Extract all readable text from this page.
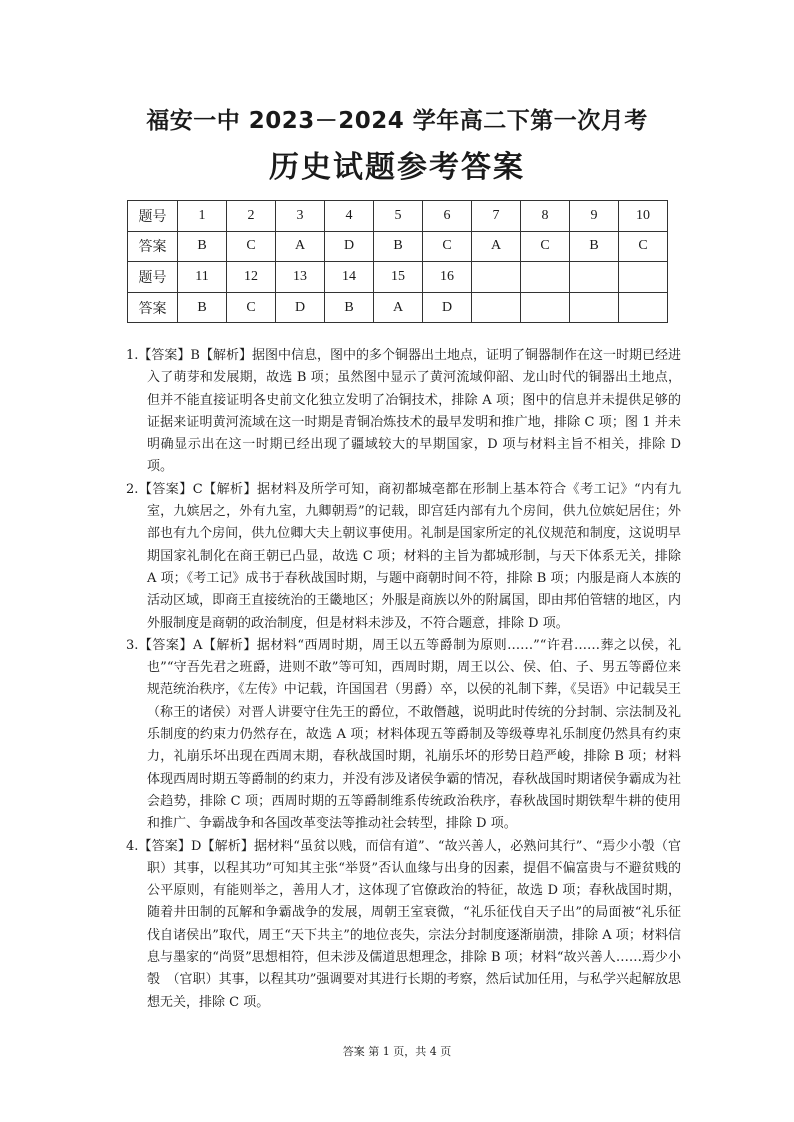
福安一中 2023－2024 学年高二下第一次月考
历史试题参考答案
题号	1	2	3	4	5	6	7	8	9	10
答案	B	C	A	D	B	C	A	C	B	C
题号	11	12	13	14	15	16				
答案	B	C	D	B	A	D				

1.【答案】B【解析】据图中信息，图中的多个铜器出土地点，证明了铜器制作在这一时期已经进入了萌芽和发展期，故选 B 项；虽然图中显示了黄河流域仰韶、龙山时代的铜器出土地点，但并不能直接证明各史前文化独立发明了冶铜技术，排除 A 项；图中的信息并未提供足够的证据来证明黄河流域在这一时期是青铜冶炼技术的最早发明和推广地，排除 C 项；图 1 并未明确显示出在这一时期已经出现了疆域较大的早期国家，D 项与材料主旨不相关，排除 D 项。

2.【答案】C【解析】据材料及所学可知，商初都城亳都在形制上基本符合《考工记》“内有九室，九嫔居之，外有九室，九卿朝焉”的记载，即宫廷内部有九个房间，供九位嫔妃居住；外部也有九个房间，供九位卿大夫上朝议事使用。礼制是国家所定的礼仪规范和制度，这说明早期国家礼制化在商王朝已凸显，故选 C 项；材料的主旨为都城形制，与天下体系无关，排除 A 项；《考工记》成书于春秋战国时期，与题中商朝时间不符，排除 B 项；内服是商人本族的活动区域，即商王直接统治的王畿地区；外服是商族以外的附属国，即由邦伯管辖的地区，内外服制度是商朝的政治制度，但是材料未涉及，不符合题意，排除 D 项。

3.【答案】A【解析】据材料“西周时期，周王以五等爵制为原则……”“许君……葬之以侯，礼也”“守吾先君之班爵，进则不敢”等可知，西周时期，周王以公、侯、伯、子、男五等爵位来规范统治秩序，《左传》中记载，许国国君（男爵）卒，以侯的礼制下葬，《吴语》中记载吴王（称王的诸侯）对晋人讲要守住先王的爵位，不敢僭越，说明此时传统的分封制、宗法制及礼乐制度的约束力仍然存在，故选 A 项；材料体现五等爵制及等级尊卑礼乐制度仍然具有约束力，礼崩乐坏出现在西周末期，春秋战国时期，礼崩乐坏的形势日趋严峻，排除 B 项；材料体现西周时期五等爵制的约束力，并没有涉及诸侯争霸的情况，春秋战国时期诸侯争霸成为社会趋势，排除 C 项；西周时期的五等爵制维系传统政治秩序，春秋战国时期铁犁牛耕的使用和推广、争霸战争和各国改革变法等推动社会转型，排除 D 项。

4.【答案】D【解析】据材料“虽贫以贱，而信有道”、“故兴善人，必熟问其行”、“焉少小彀（官职）其事，以程其功”可知其主张“举贤”否认血缘与出身的因素，提倡不偏富贵与不避贫贱的公平原则，有能则举之，善用人才，这体现了官僚政治的特征，故选 D 项；春秋战国时期，随着井田制的瓦解和争霸战争的发展，周朝王室衰微，“礼乐征伐自天子出”的局面被“礼乐征伐自诸侯出”取代，周王“天下共主”的地位丧失，宗法分封制度逐渐崩溃，排除 A 项；材料信息与墨家的“尚贤”思想相符，但未涉及儒道思想理念，排除 B 项；材料“故兴善人……焉少小彀　（官职）其事，以程其功”强调要对其进行长期的考察，然后试加任用，与私学兴起解放思想无关，排除 C 项。

答案 第 1 页，共 4 页
